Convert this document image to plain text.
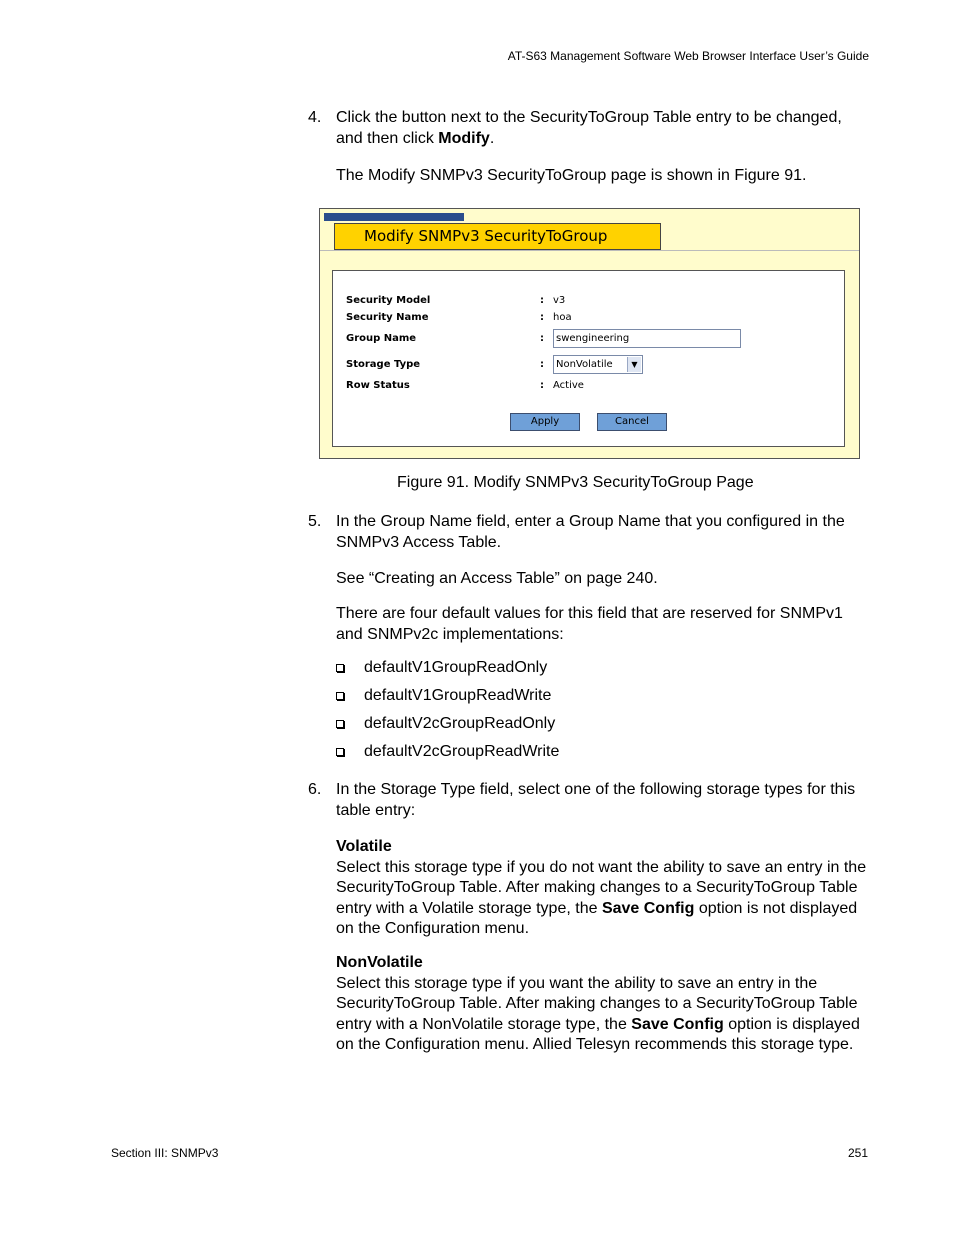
AT-S63 Management Software Web Browser Interface User’s Guide
4. Click the button next to the SecurityToGroup Table entry to be changed, and then click Modify.
The Modify SNMPv3 SecurityToGroup page is shown in Figure 91.
Modify SNMPv3 SecurityToGroup
Security Model	: v3
Security Name	: hoa
Group Name	:	swengineering
Storage Type	:	NonVolatile	▼
Row Status	: Active
Apply	Cancel
Figure 91. Modify SNMPv3 SecurityToGroup Page
5. In the Group Name field, enter a Group Name that you configured in the SNMPv3 Access Table.
See “Creating an Access Table” on page 240.
There are four default values for this field that are reserved for SNMPv1 and SNMPv2c implementations:
defaultV1GroupReadOnly
defaultV1GroupReadWrite
defaultV2cGroupReadOnly
defaultV2cGroupReadWrite
6. In the Storage Type field, select one of the following storage types for this table entry:
Volatile
Select this storage type if you do not want the ability to save an entry in the SecurityToGroup Table. After making changes to a SecurityToGroup Table entry with a Volatile storage type, the Save Config option is not displayed on the Configuration menu.
NonVolatile
Select this storage type if you want the ability to save an entry in the SecurityToGroup Table. After making changes to a SecurityToGroup Table entry with a NonVolatile storage type, the Save Config option is displayed on the Configuration menu. Allied Telesyn recommends this storage type.
Section III: SNMPv3	251
